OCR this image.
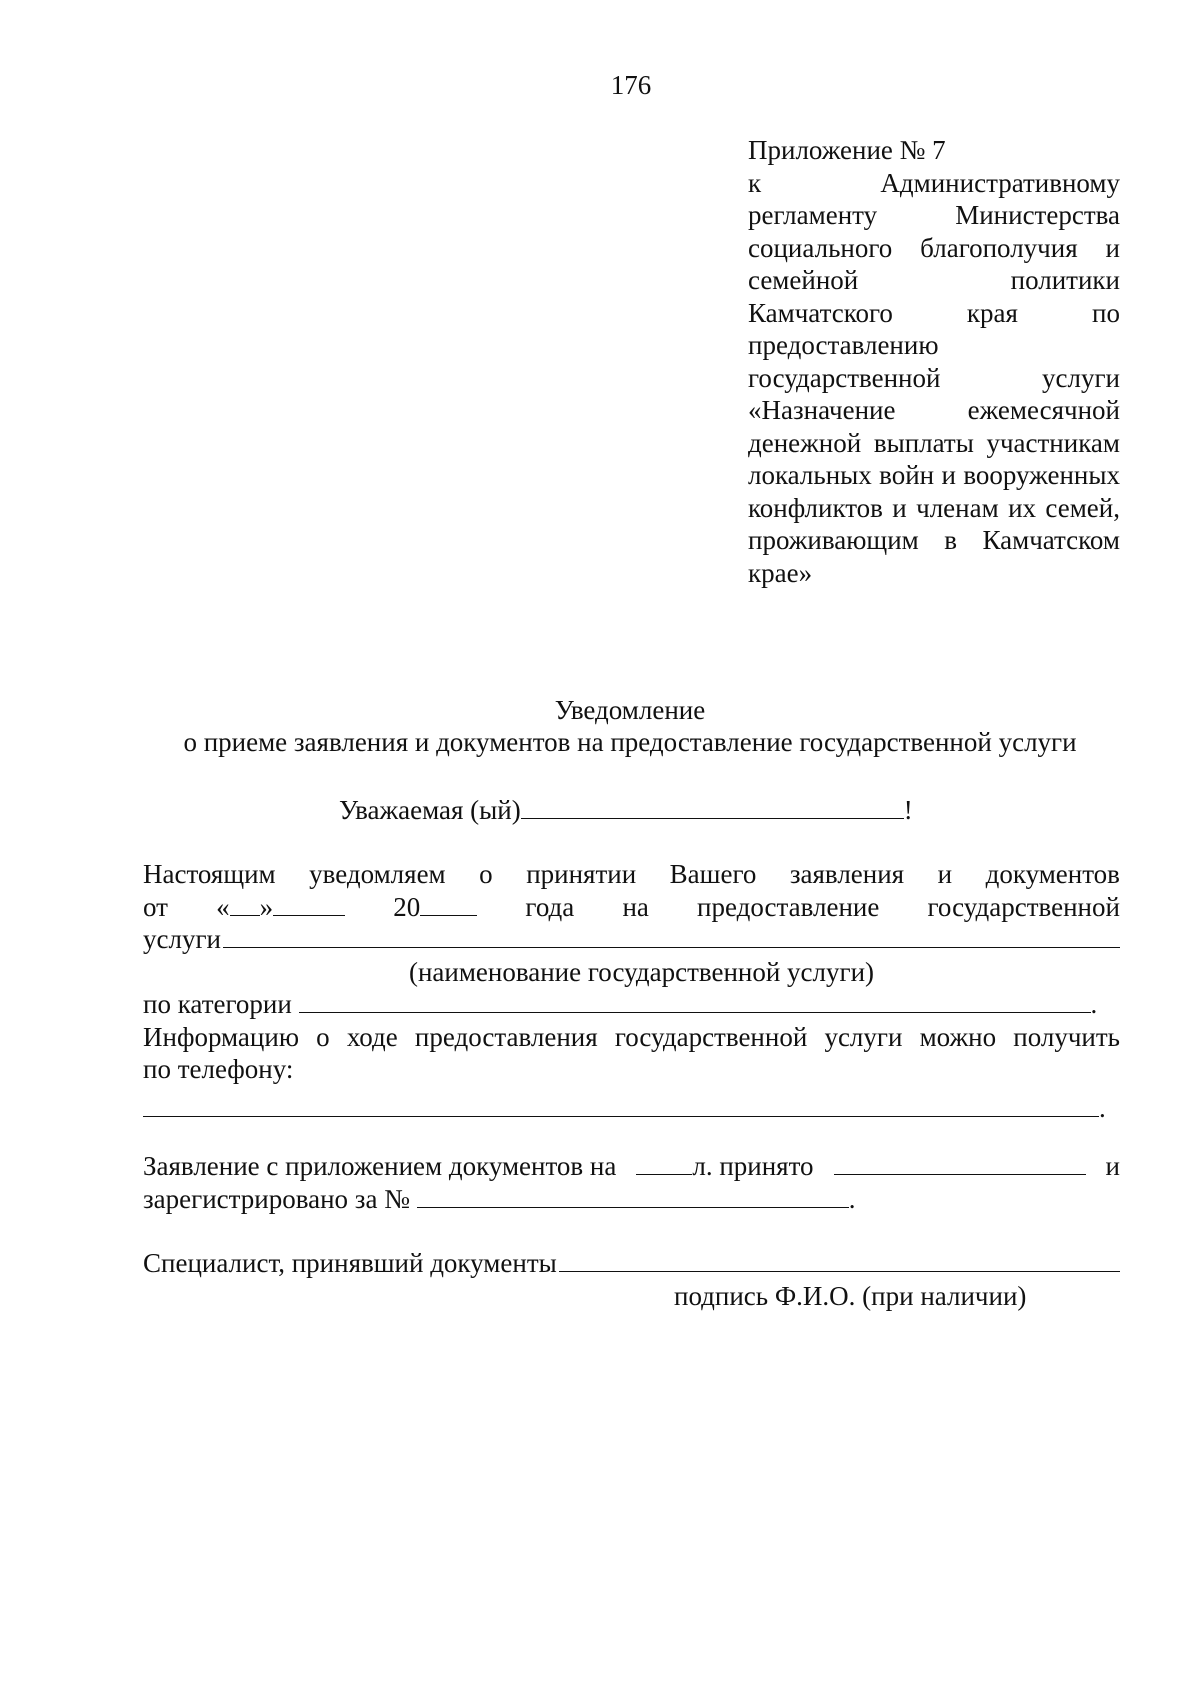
176
Приложение № 7
к Административному регламенту Министерства социального благополучия и семейной политики Камчатского края по предоставлению государственной услуги «Назначение ежемесячной денежной выплаты участникам локальных войн и вооруженных конфликтов и членам их семей, проживающим в Камчатском крае»
Уведомление
о приеме заявления и документов на предоставление государственной услуги
Уважаемая (ый)	!
Настоящим уведомляем о принятии Вашего заявления и документов
от « »	20	года на предоставление государственной
услуги
(наименование государственной услуги)
по категории	.
Информацию о ходе предоставления государственной услуги можно получить
по телефону:
.
Заявление с приложением документов на	л. принято	и
зарегистрировано за №	.
Специалист, принявший документы
подпись Ф.И.О. (при наличии)
